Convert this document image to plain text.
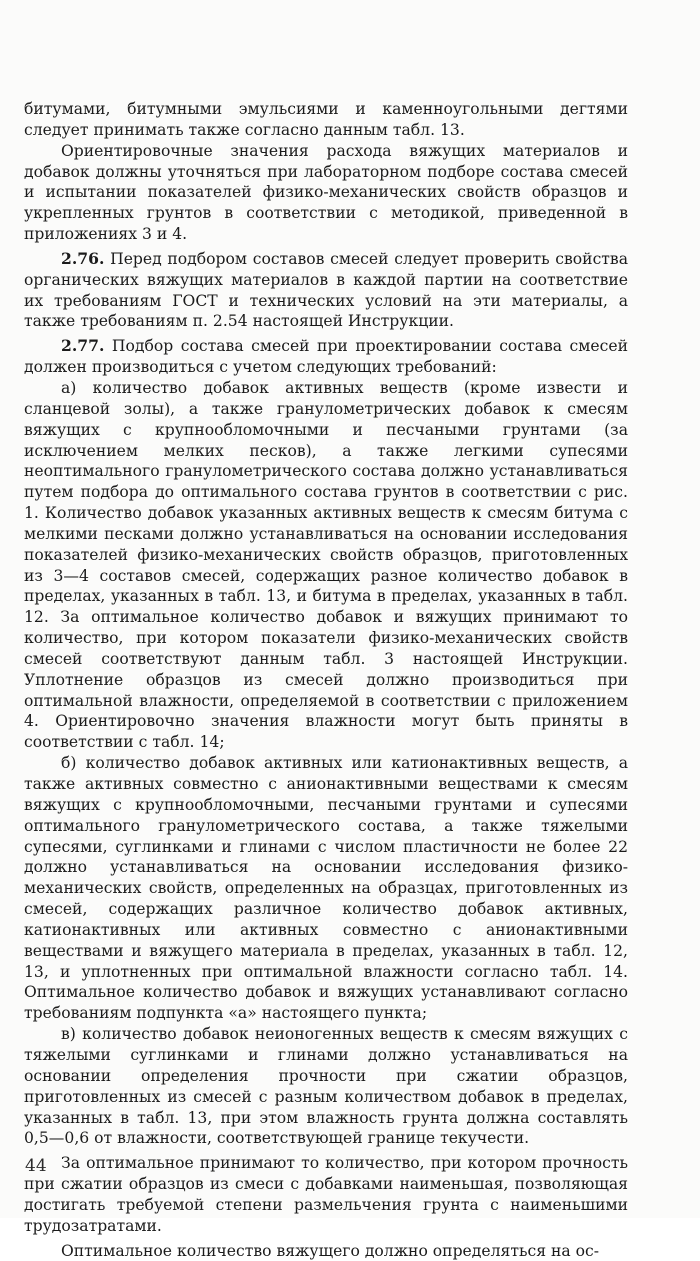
битумами, битумными эмульсиями и каменноугольными дегтями следует принимать также согласно данным табл. 13.

Ориентировочные значения расхода вяжущих материалов и добавок должны уточняться при лабораторном подборе состава смесей и испытании показателей физико-механических свойств образцов и укрепленных грунтов в соответствии с методикой, приведенной в приложениях 3 и 4.

2.76. Перед подбором составов смесей следует проверить свойства органических вяжущих материалов в каждой партии на соответствие их требованиям ГОСТ и технических условий на эти материалы, а также требованиям п. 2.54 настоящей Инструкции.

2.77. Подбор состава смесей при проектировании состава смесей должен производиться с учетом следующих требований:

а) количество добавок активных веществ (кроме извести и сланцевой золы), а также гранулометрических добавок к смесям вяжущих с крупнообломочными и песчаными грунтами (за исключением мелких песков), а также легкими супесями неоптимального гранулометрического состава должно устанавливаться путем подбора до оптимального состава грунтов в соответствии с рис. 1. Количество добавок указанных активных веществ к смесям битума с мелкими песками должно устанавливаться на основании исследования показателей физико-механических свойств образцов, приготовленных из 3—4 составов смесей, содержащих разное количество добавок в пределах, указанных в табл. 13, и битума в пределах, указанных в табл. 12. За оптимальное количество добавок и вяжущих принимают то количество, при котором показатели физико-механических свойств смесей соответствуют данным табл. 3 настоящей Инструкции. Уплотнение образцов из смесей должно производиться при оптимальной влажности, определяемой в соответствии с приложением 4. Ориентировочно значения влажности могут быть приняты в соответствии с табл. 14;

б) количество добавок активных или катионактивных веществ, а также активных совместно с анионактивными веществами к смесям вяжущих с крупнообломочными, песчаными грунтами и супесями оптимального гранулометрического состава, а также тяжелыми супесями, суглинками и глинами с числом пластичности не более 22 должно устанавливаться на основании исследования физико-механических свойств, определенных на образцах, приготовленных из смесей, содержащих различное количество добавок активных, катионактивных или активных совместно с анионактивными веществами и вяжущего материала в пределах, указанных в табл. 12, 13, и уплотненных при оптимальной влажности согласно табл. 14. Оптимальное количество добавок и вяжущих устанавливают согласно требованиям подпункта «а» настоящего пункта;

в) количество добавок неионогенных веществ к смесям вяжущих с тяжелыми суглинками и глинами должно устанавливаться на основании определения прочности при сжатии образцов, приготовленных из смесей с разным количеством добавок в пределах, указанных в табл. 13, при этом влажность грунта должна составлять 0,5—0,6 от влажности, соответствующей границе текучести.

За оптимальное принимают то количество, при котором прочность при сжатии образцов из смеси с добавками наименьшая, позволяющая достигать требуемой степени размельчения грунта с наименьшими трудозатратами.

Оптимальное количество вяжущего должно определяться на ос-

44
